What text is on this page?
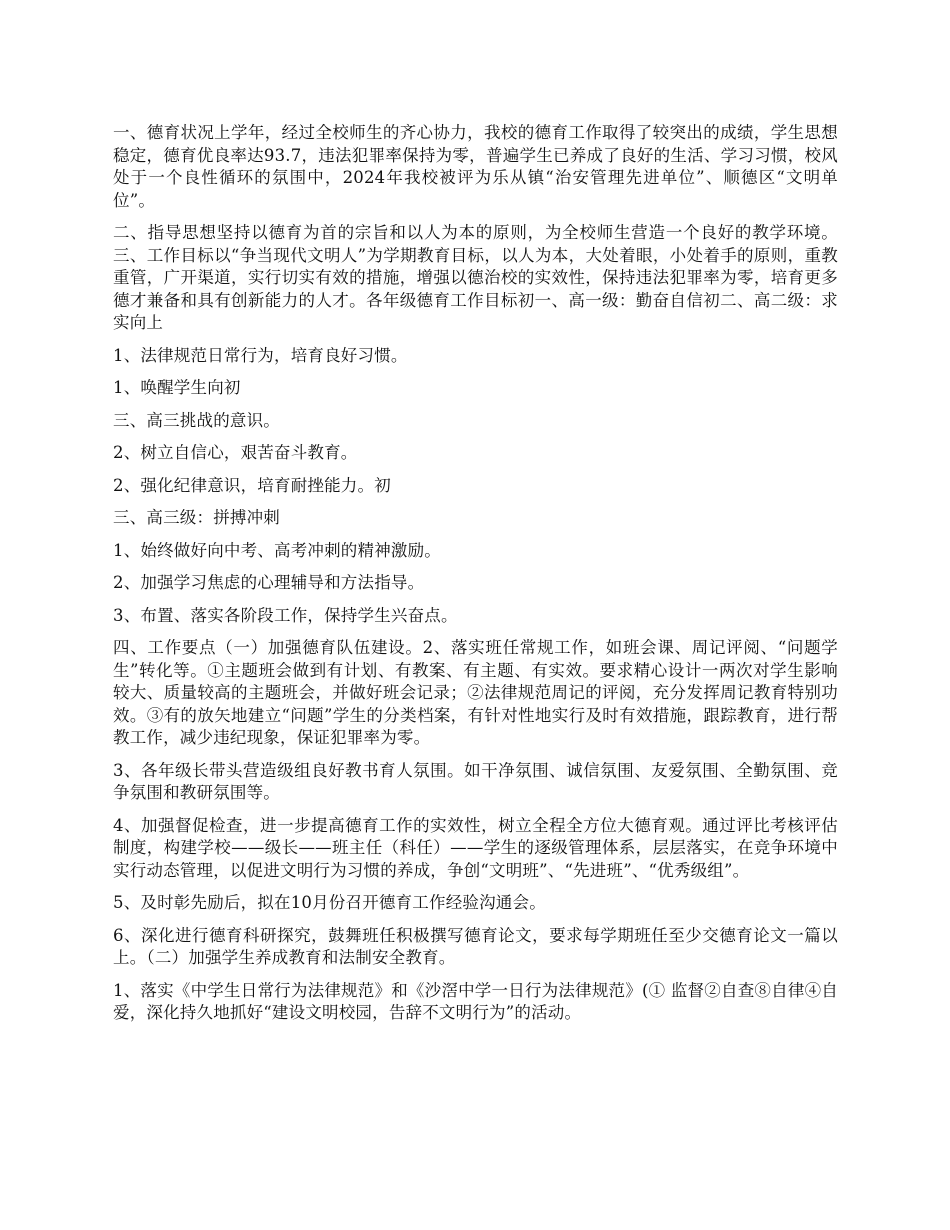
一、德育状况上学年，经过全校师生的齐心协力，我校的德育工作取得了较突出的成绩，学生思想稳定，德育优良率达93.7，违法犯罪率保持为零，普遍学生已养成了良好的生活、学习习惯，校风处于一个良性循环的氛围中，2024年我校被评为乐从镇“治安管理先进单位”、顺德区“文明单位”。

二、指导思想坚持以德育为首的宗旨和以人为本的原则，为全校师生营造一个良好的教学环境。三、工作目标以“争当现代文明人”为学期教育目标，以人为本，大处着眼，小处着手的原则，重教重管，广开渠道，实行切实有效的措施，增强以德治校的实效性，保持违法犯罪率为零，培育更多德才兼备和具有创新能力的人才。各年级德育工作目标初一、高一级：勤奋自信初二、高二级：求实向上

1、法律规范日常行为，培育良好习惯。

1、唤醒学生向初

三、高三挑战的意识。

2、树立自信心，艰苦奋斗教育。

2、强化纪律意识，培育耐挫能力。初

三、高三级：拼搏冲刺

1、始终做好向中考、高考冲刺的精神激励。

2、加强学习焦虑的心理辅导和方法指导。

3、布置、落实各阶段工作，保持学生兴奋点。

四、工作要点（一）加强德育队伍建设。2、落实班任常规工作，如班会课、周记评阅、“问题学生”转化等。①主题班会做到有计划、有教案、有主题、有实效。要求精心设计一两次对学生影响较大、质量较高的主题班会，并做好班会记录；②法律规范周记的评阅，充分发挥周记教育特别功效。③有的放矢地建立“问题”学生的分类档案，有针对性地实行及时有效措施，跟踪教育，进行帮教工作，减少违纪现象，保证犯罪率为零。

3、各年级长带头营造级组良好教书育人氛围。如干净氛围、诚信氛围、友爱氛围、全勤氛围、竞争氛围和教研氛围等。

4、加强督促检查，进一步提高德育工作的实效性，树立全程全方位大德育观。通过评比考核评估制度，构建学校——级长——班主任（科任）——学生的逐级管理体系，层层落实，在竞争环境中实行动态管理，以促进文明行为习惯的养成，争创“文明班”、“先进班”、“优秀级组”。

5、及时彰先励后，拟在10月份召开德育工作经验沟通会。

6、深化进行德育科研探究，鼓舞班任积极撰写德育论文，要求每学期班任至少交德育论文一篇以上。（二）加强学生养成教育和法制安全教育。

1、落实《中学生日常行为法律规范》和《沙滘中学一日行为法律规范》(① 监督②自查⑧自律④自爱，深化持久地抓好“建设文明校园，告辞不文明行为”的活动。
